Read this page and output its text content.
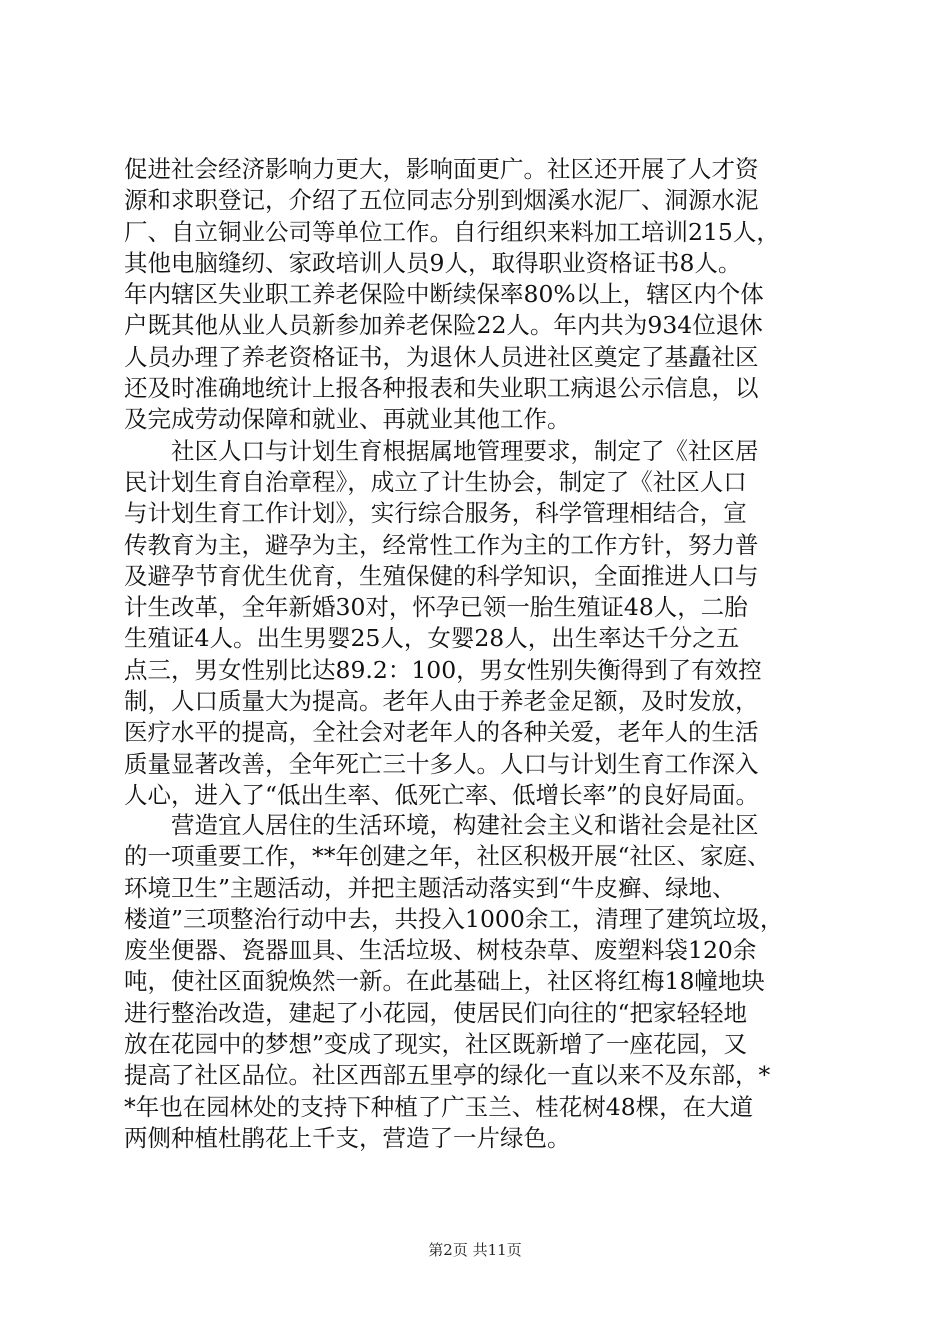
促进社会经济影响力更大，影响面更广。社区还开展了人才资
源和求职登记，介绍了五位同志分别到烟溪水泥厂、洞源水泥
厂、自立铜业公司等单位工作。自行组织来料加工培训215人，
其他电脑缝纫、家政培训人员9人，取得职业资格证书8人。
年内辖区失业职工养老保险中断续保率80%以上，辖区内个体
户既其他从业人员新参加养老保险22人。年内共为934位退休
人员办理了养老资格证书，为退休人员进社区奠定了基矗社区
还及时准确地统计上报各种报表和失业职工病退公示信息，以
及完成劳动保障和就业、再就业其他工作。
　　社区人口与计划生育根据属地管理要求，制定了《社区居
民计划生育自治章程》，成立了计生协会，制定了《社区人口
与计划生育工作计划》，实行综合服务，科学管理相结合，宣
传教育为主，避孕为主，经常性工作为主的工作方针，努力普
及避孕节育优生优育，生殖保健的科学知识，全面推进人口与
计生改革，全年新婚30对，怀孕已领一胎生殖证48人，二胎
生殖证4人。出生男婴25人，女婴28人，出生率达千分之五
点三，男女性别比达89.2：100，男女性别失衡得到了有效控
制，人口质量大为提高。老年人由于养老金足额，及时发放，
医疗水平的提高，全社会对老年人的各种关爱，老年人的生活
质量显著改善，全年死亡三十多人。人口与计划生育工作深入
人心，进入了“低出生率、低死亡率、低增长率”的良好局面。
　　营造宜人居住的生活环境，构建社会主义和谐社会是社区
的一项重要工作，**年创建之年，社区积极开展“社区、家庭、
环境卫生”主题活动，并把主题活动落实到“牛皮癣、绿地、
楼道”三项整治行动中去，共投入1000余工，清理了建筑垃圾，
废坐便器、瓷器皿具、生活垃圾、树枝杂草、废塑料袋120余
吨，使社区面貌焕然一新。在此基础上，社区将红梅18幢地块
进行整治改造，建起了小花园，使居民们向往的“把家轻轻地
放在花园中的梦想”变成了现实，社区既新增了一座花园，又
提高了社区品位。社区西部五里亭的绿化一直以来不及东部，*
*年也在园林处的支持下种植了广玉兰、桂花树48棵，在大道
两侧种植杜鹃花上千支，营造了一片绿色。
第2页 共11页
